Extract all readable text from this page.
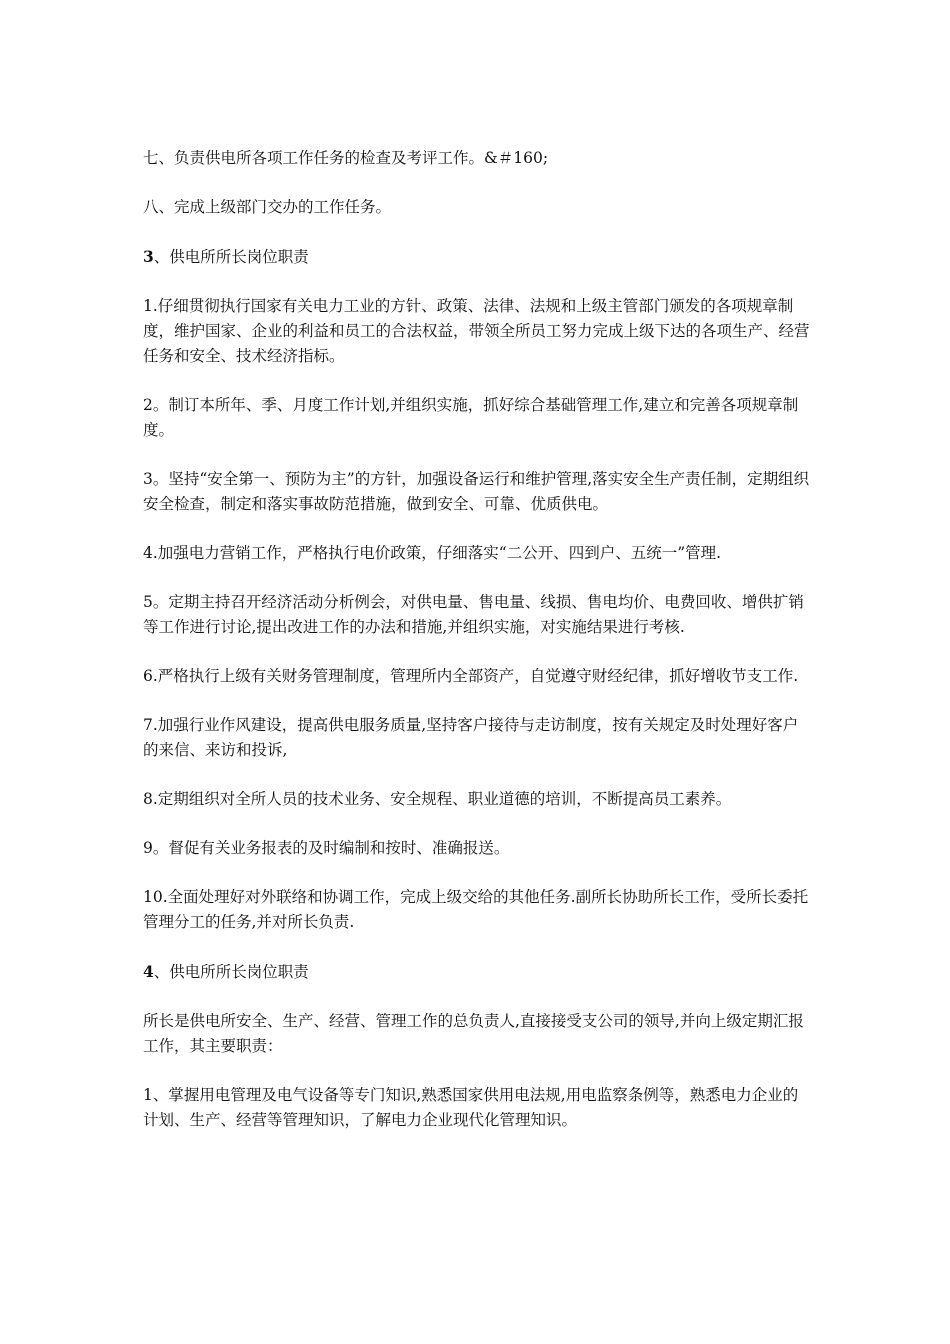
七、负责供电所各项工作任务的检查及考评工作。&＃160;

八、完成上级部门交办的工作任务。

3、供电所所长岗位职责

1.仔细贯彻执行国家有关电力工业的方针、政策、法律、法规和上级主管部门颁发的各项规章制度，维护国家、企业的利益和员工的合法权益，带领全所员工努力完成上级下达的各项生产、经营任务和安全、技术经济指标。

2。制订本所年、季、月度工作计划,并组织实施，抓好综合基础管理工作,建立和完善各项规章制度。

3。坚持“安全第一、预防为主”的方针，加强设备运行和维护管理,落实安全生产责任制，定期组织安全检查，制定和落实事故防范措施，做到安全、可靠、优质供电。

4.加强电力营销工作，严格执行电价政策，仔细落实“二公开、四到户、五统一”管理.

5。定期主持召开经济活动分析例会，对供电量、售电量、线损、售电均价、电费回收、增供扩销等工作进行讨论,提出改进工作的办法和措施,并组织实施，对实施结果进行考核.

6.严格执行上级有关财务管理制度，管理所内全部资产，自觉遵守财经纪律，抓好增收节支工作.

7.加强行业作风建设，提高供电服务质量,坚持客户接待与走访制度，按有关规定及时处理好客户的来信、来访和投诉,

8.定期组织对全所人员的技术业务、安全规程、职业道德的培训，不断提高员工素养。

9。督促有关业务报表的及时编制和按时、准确报送。

10.全面处理好对外联络和协调工作，完成上级交给的其他任务.副所长协助所长工作，受所长委托管理分工的任务,并对所长负责.

4、供电所所长岗位职责

所长是供电所安全、生产、经营、管理工作的总负责人,直接接受支公司的领导,并向上级定期汇报工作，其主要职责：

1、掌握用电管理及电气设备等专门知识,熟悉国家供用电法规,用电监察条例等，熟悉电力企业的计划、生产、经营等管理知识，了解电力企业现代化管理知识。
